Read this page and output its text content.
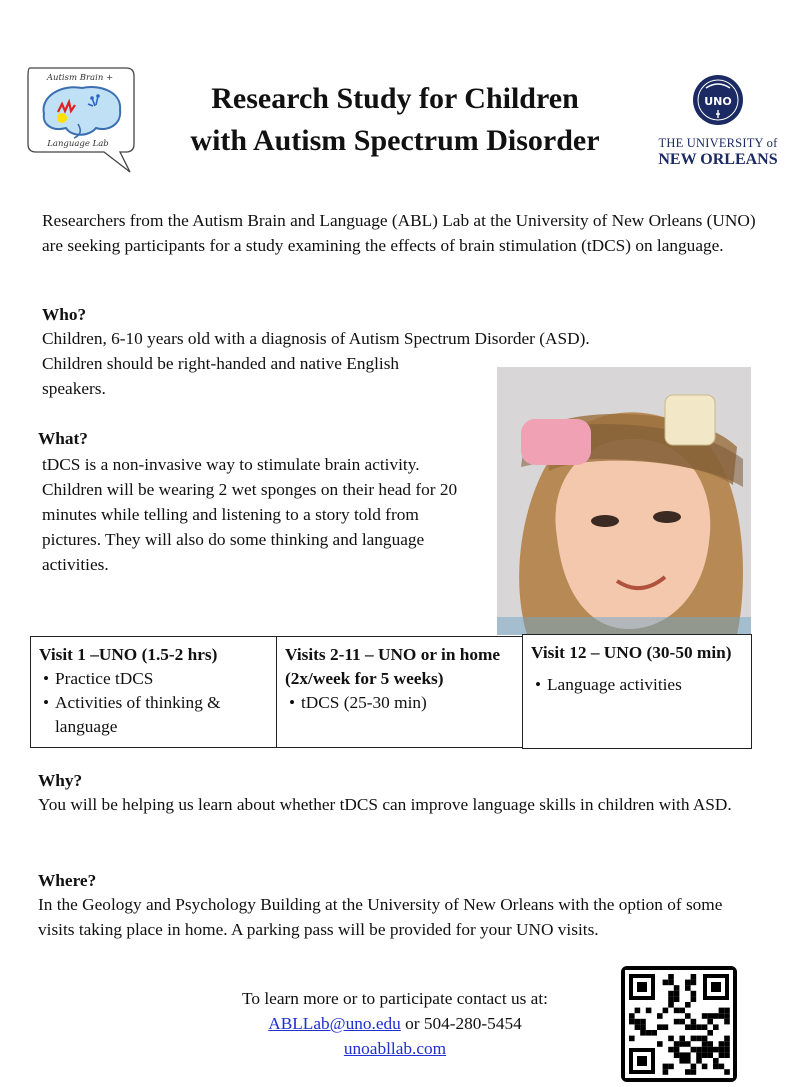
Autism Brain +
Language Lab
Research Study for Children
with Autism Spectrum Disorder
UNO
THE UNIVERSITY of
NEW ORLEANS
Researchers from the Autism Brain and Language (ABL) Lab at the University of New Orleans (UNO) are seeking participants for a study examining the effects of brain stimulation (tDCS) on language.
Who?
Children, 6-10 years old with a diagnosis of Autism Spectrum Disorder (ASD).
Children should be right-handed and native English speakers.
What?
tDCS is a non-invasive way to stimulate brain activity. Children will be wearing 2 wet sponges on their head for 20 minutes while telling and listening to a story told from pictures. They will also do some thinking and language activities.
Visit 1 –UNO (1.5-2 hrs)
• Practice tDCS
• Activities of thinking & language
Visits 2-11 – UNO or in home (2x/week for 5 weeks)
• tDCS (25-30 min)
Visit 12 – UNO (30-50 min)
• Language activities
Why?
You will be helping us learn about whether tDCS can improve language skills in children with ASD.
Where?
In the Geology and Psychology Building at the University of New Orleans with the option of some visits taking place in home. A parking pass will be provided for your UNO visits.
To learn more or to participate contact us at:
ABLLab@uno.edu or 504-280-5454
unoabllab.com
